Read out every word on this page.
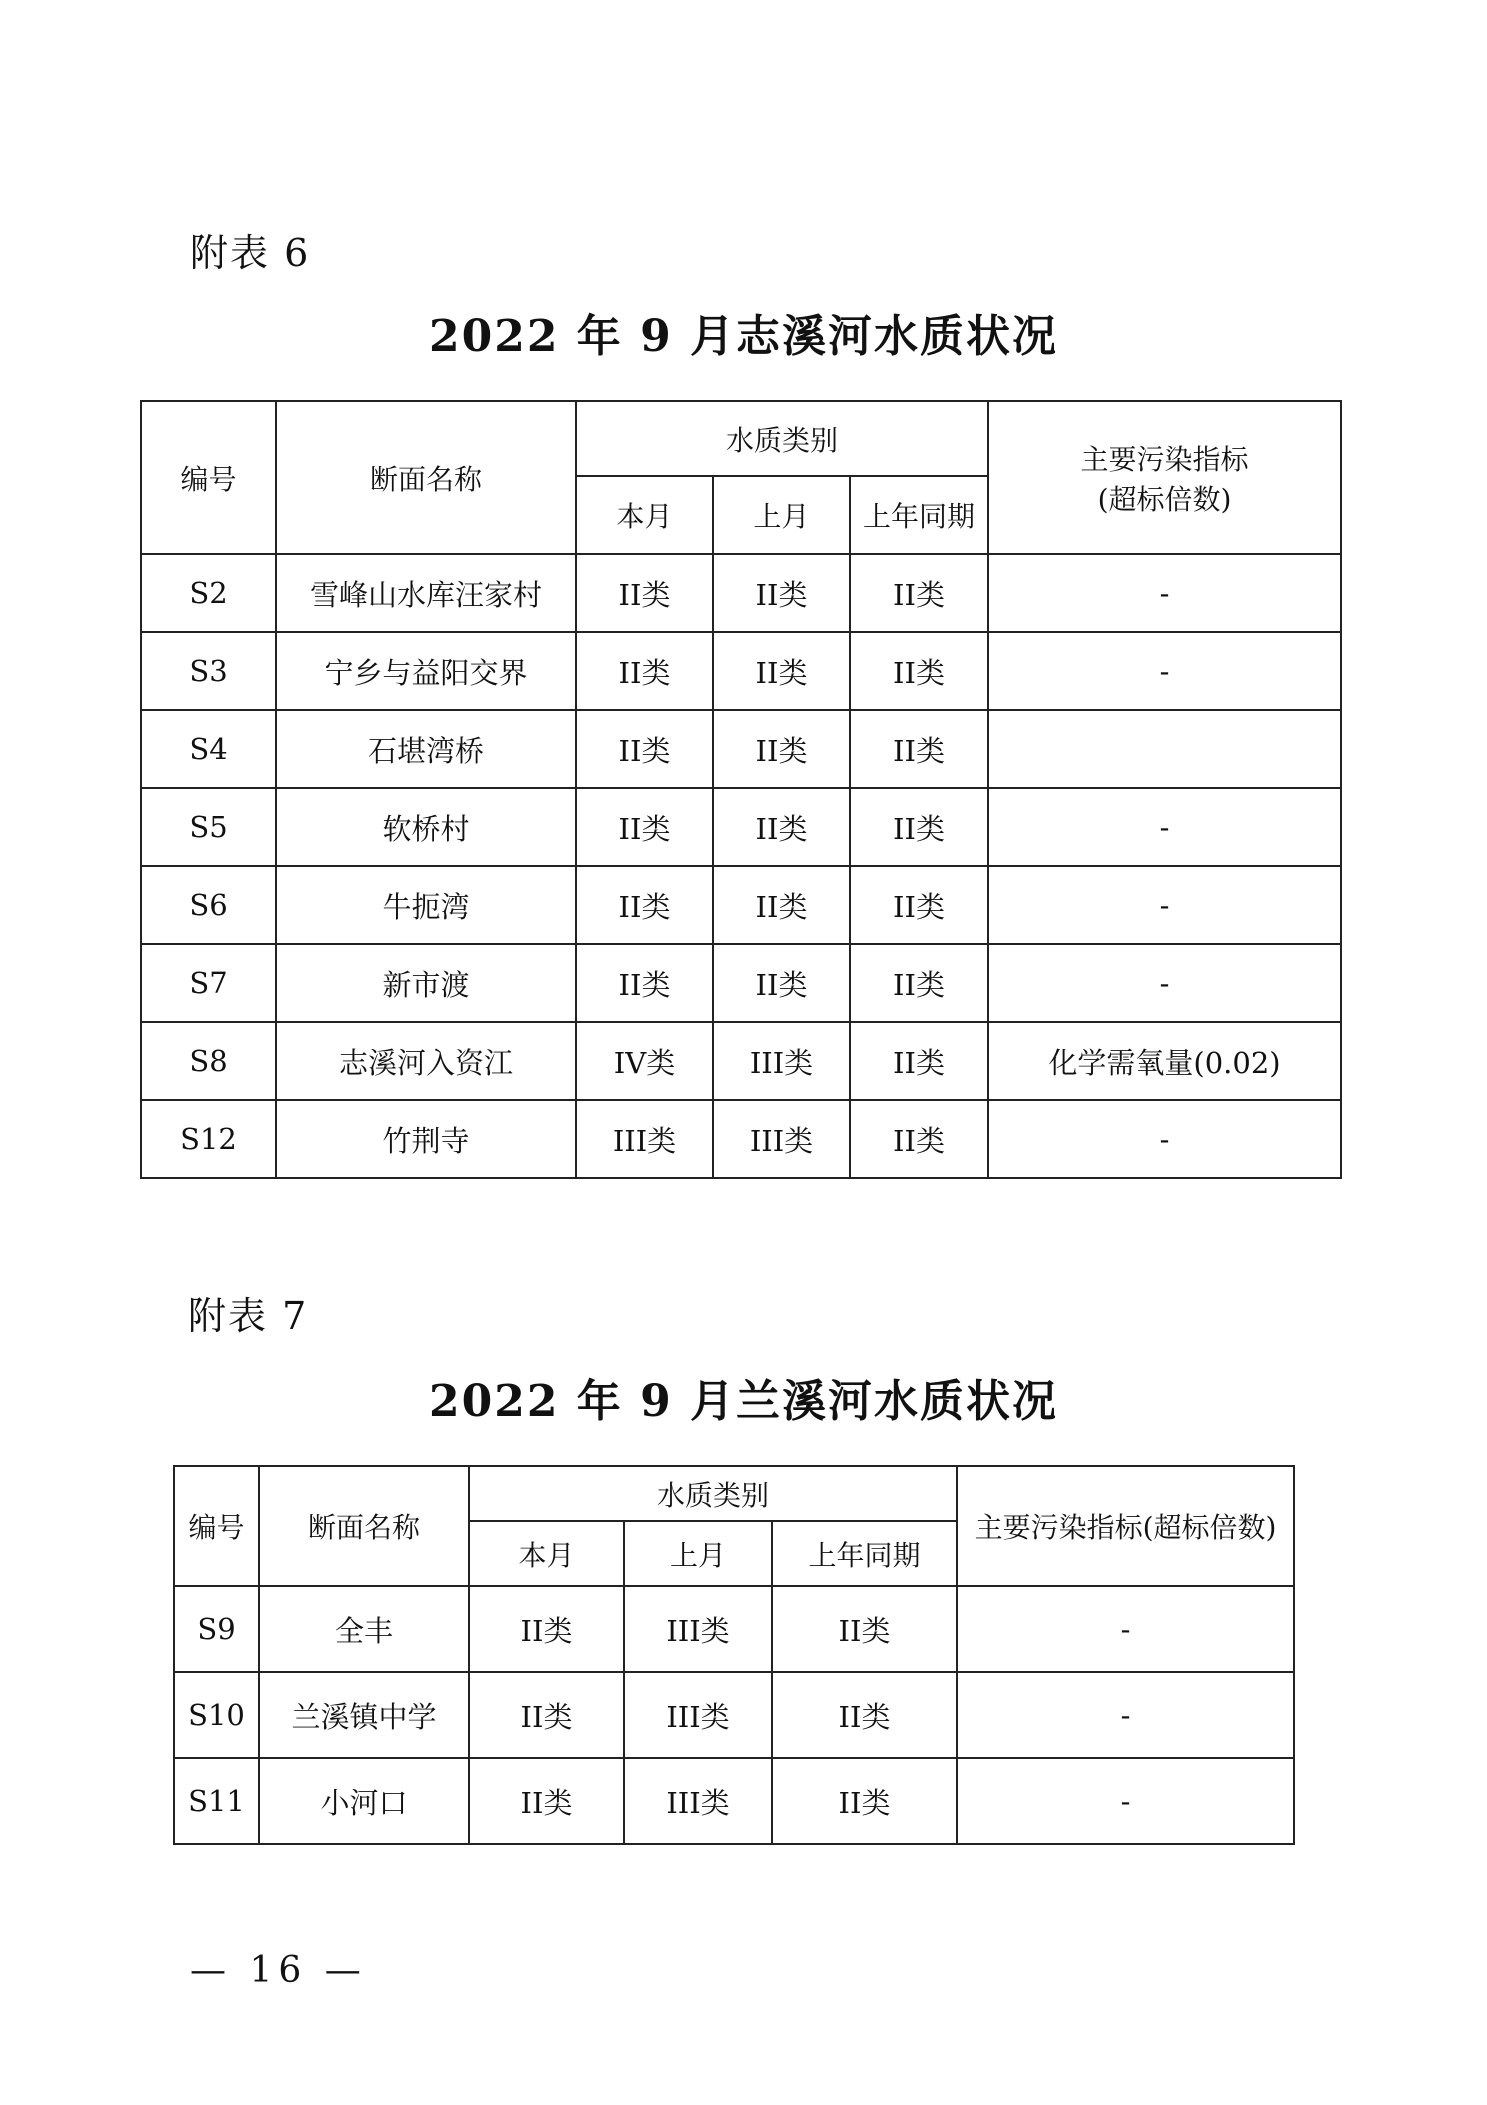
附表 6
2022 年 9 月志溪河水质状况
编号	断面名称	水质类别			主要污染指标
(超标倍数)

		本月	上月	上年同期	
S2	雪峰山水库汪家村	II类	II类	II类	-
S3	宁乡与益阳交界	II类	II类	II类	-
S4	石堪湾桥	II类	II类	II类	
S5	软桥村	II类	II类	II类	-
S6	牛扼湾	II类	II类	II类	-
S7	新市渡	II类	II类	II类	-
S8	志溪河入资江	IV类	III类	II类	化学需氧量(0.02)
S12	竹荆寺	III类	III类	II类	-
附表 7
2022 年 9 月兰溪河水质状况
编号	断面名称	水质类别			主要污染指标(超标倍数)
		本月	上月	上年同期	
S9	全丰	II类	III类	II类	-
S10	兰溪镇中学	II类	III类	II类	-
S11	小河口	II类	III类	II类	-
— 16 —
